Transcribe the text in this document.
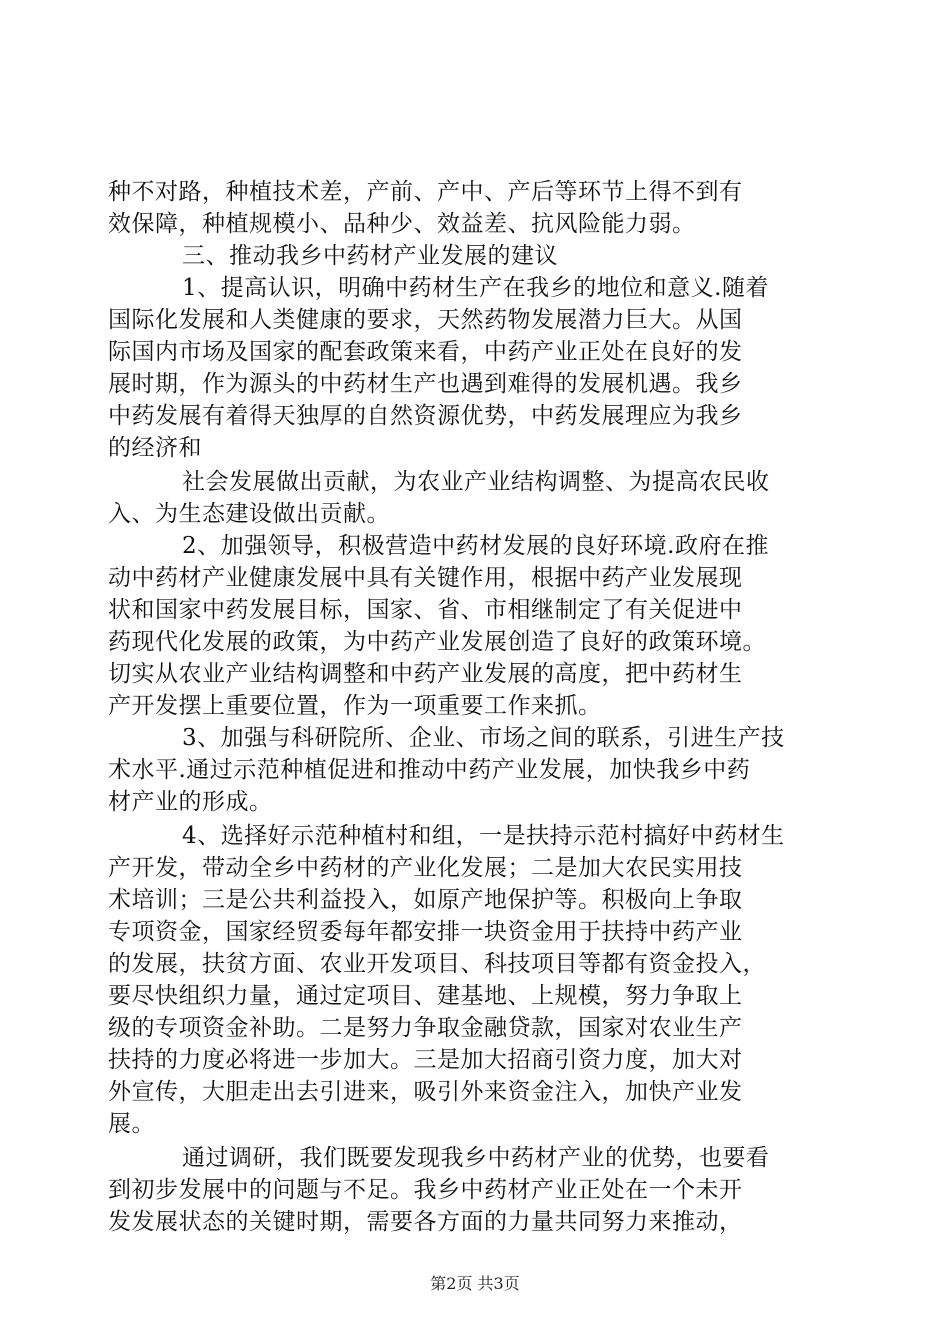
种不对路，种植技术差，产前、产中、产后等环节上得不到有
效保障，种植规模小、品种少、效益差、抗风险能力弱。
三、推动我乡中药材产业发展的建议
1、提高认识，明确中药材生产在我乡的地位和意义.随着
国际化发展和人类健康的要求，天然药物发展潜力巨大。从国
际国内市场及国家的配套政策来看，中药产业正处在良好的发
展时期，作为源头的中药材生产也遇到难得的发展机遇。我乡
中药发展有着得天独厚的自然资源优势，中药发展理应为我乡
的经济和
社会发展做出贡献，为农业产业结构调整、为提高农民收
入、为生态建设做出贡献。
2、加强领导，积极营造中药材发展的良好环境.政府在推
动中药材产业健康发展中具有关键作用，根据中药产业发展现
状和国家中药发展目标，国家、省、市相继制定了有关促进中
药现代化发展的政策，为中药产业发展创造了良好的政策环境。
切实从农业产业结构调整和中药产业发展的高度，把中药材生
产开发摆上重要位置，作为一项重要工作来抓。
3、加强与科研院所、企业、市场之间的联系，引进生产技
术水平.通过示范种植促进和推动中药产业发展，加快我乡中药
材产业的形成。
4、选择好示范种植村和组，一是扶持示范村搞好中药材生
产开发，带动全乡中药材的产业化发展；二是加大农民实用技
术培训；三是公共利益投入，如原产地保护等。积极向上争取
专项资金，国家经贸委每年都安排一块资金用于扶持中药产业
的发展，扶贫方面、农业开发项目、科技项目等都有资金投入，
要尽快组织力量，通过定项目、建基地、上规模，努力争取上
级的专项资金补助。二是努力争取金融贷款，国家对农业生产
扶持的力度必将进一步加大。三是加大招商引资力度，加大对
外宣传，大胆走出去引进来，吸引外来资金注入，加快产业发
展。
通过调研，我们既要发现我乡中药材产业的优势，也要看
到初步发展中的问题与不足。我乡中药材产业正处在一个未开
发发展状态的关键时期，需要各方面的力量共同努力来推动，
第2页 共3页
